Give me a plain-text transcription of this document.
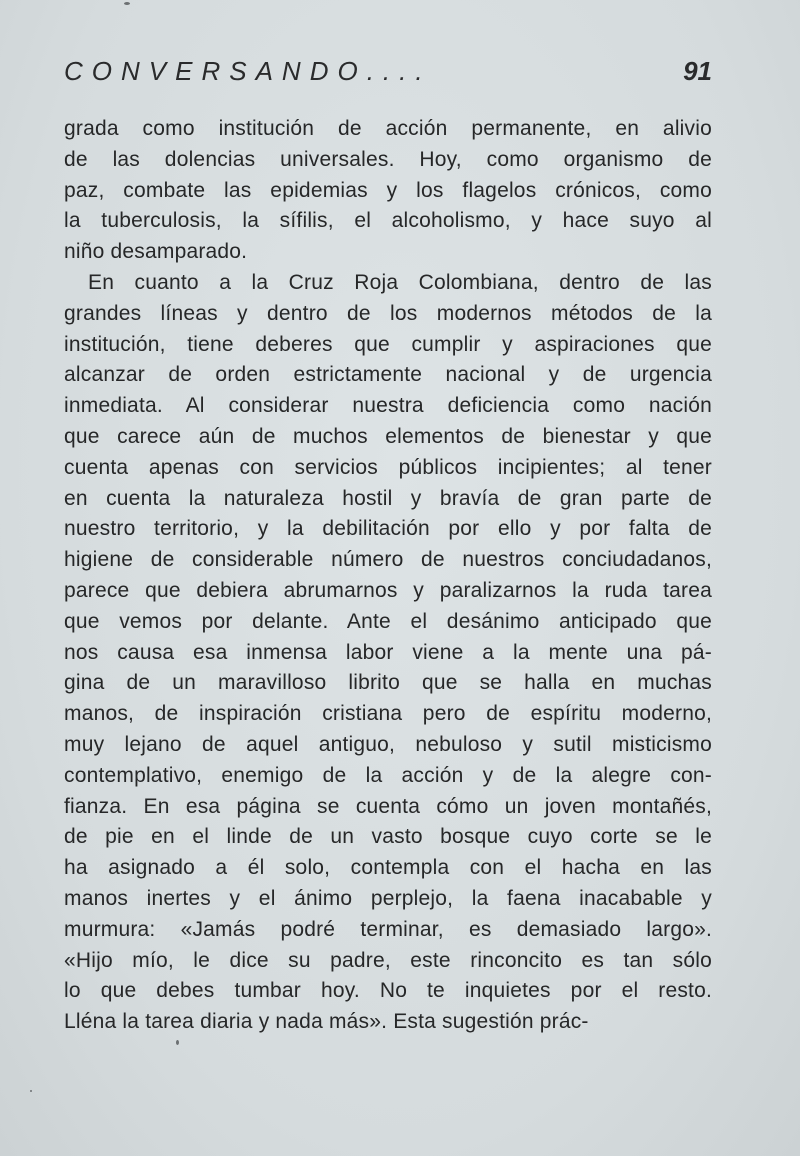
CONVERSANDO....	91
grada como institución de acción permanente, en alivio
de las dolencias universales. Hoy, como organismo de
paz, combate las epidemias y los flagelos crónicos, como
la tuberculosis, la sífilis, el alcoholismo, y hace suyo al
niño desamparado.
En cuanto a la Cruz Roja Colombiana, dentro de las
grandes líneas y dentro de los modernos métodos de la
institución, tiene deberes que cumplir y aspiraciones que
alcanzar de orden estrictamente nacional y de urgencia
inmediata. Al considerar nuestra deficiencia como nación
que carece aún de muchos elementos de bienestar y que
cuenta apenas con servicios públicos incipientes; al tener
en cuenta la naturaleza hostil y bravía de gran parte de
nuestro territorio, y la debilitación por ello y por falta de
higiene de considerable número de nuestros conciudadanos,
parece que debiera abrumarnos y paralizarnos la ruda tarea
que vemos por delante. Ante el desánimo anticipado que
nos causa esa inmensa labor viene a la mente una pá-
gina de un maravilloso librito que se halla en muchas
manos, de inspiración cristiana pero de espíritu moderno,
muy lejano de aquel antiguo, nebuloso y sutil misticismo
contemplativo, enemigo de la acción y de la alegre con-
fianza. En esa página se cuenta cómo un joven montañés,
de pie en el linde de un vasto bosque cuyo corte se le
ha asignado a él solo, contempla con el hacha en las
manos inertes y el ánimo perplejo, la faena inacabable y
murmura: «Jamás podré terminar, es demasiado largo».
«Hijo mío, le dice su padre, este rinconcito es tan sólo
lo que debes tumbar hoy. No te inquietes por el resto.
Lléna la tarea diaria y nada más». Esta sugestión prác-
